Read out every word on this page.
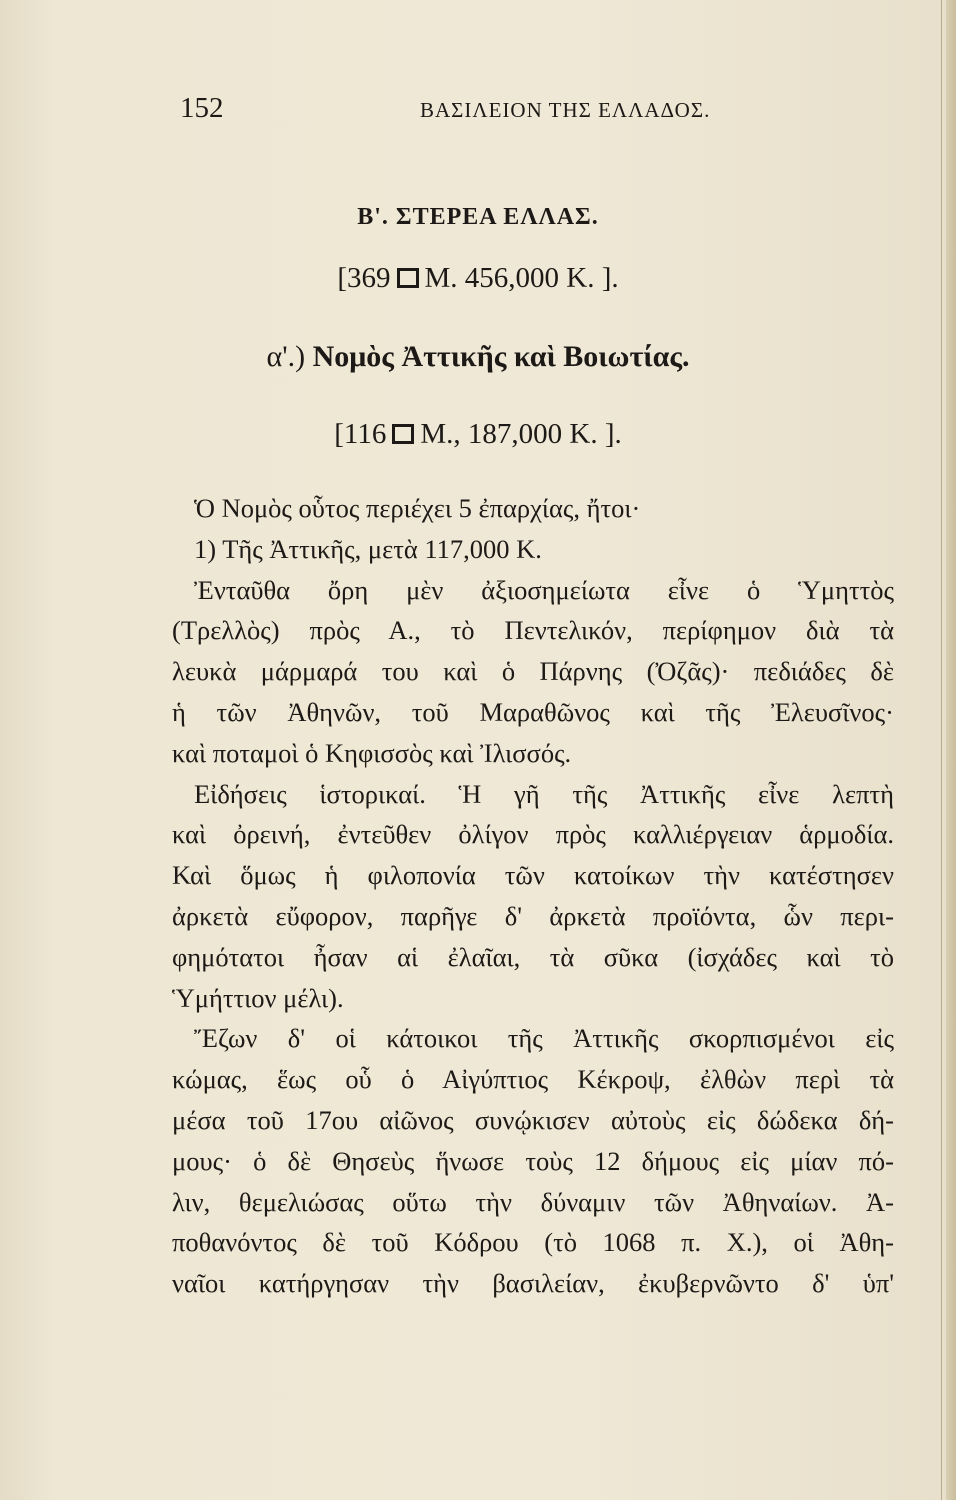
152	ΒΑΣΙΛΕΙΟΝ ΤΗΣ ΕΛΛΑΔΟΣ.
Β'. ΣΤΕΡΕΑ ΕΛΛΑΣ.
[369 Μ. 456,000 Κ. ].
α'.) Νομὸς Ἀττικῆς καὶ Βοιωτίας.
[116 Μ., 187,000 Κ. ].
Ὁ Νομὸς οὗτος περιέχει 5 ἐπαρχίας, ἤτοι·
1) Τῆς Ἀττικῆς, μετὰ 117,000 Κ.
Ἐνταῦθα ὄρη μὲν ἀξιοσημείωτα εἶνε ὁ Ὑμηττὸς
(Τρελλὸς) πρὸς Α., τὸ Πεντελικόν, περίφημον διὰ τὰ
λευκὰ μάρμαρά του καὶ ὁ Πάρνης (Ὀζᾶς)· πεδιάδες δὲ
ἡ τῶν Ἀθηνῶν, τοῦ Μαραθῶνος καὶ τῆς Ἐλευσῖνος·
καὶ ποταμοὶ ὁ Κηφισσὸς καὶ Ἰλισσός.
Εἰδήσεις ἱστορικαί. Ἡ γῆ τῆς Ἀττικῆς εἶνε λεπτὴ
καὶ ὀρεινή, ἐντεῦθεν ὀλίγον πρὸς καλλιέργειαν ἁρμοδία.
Καὶ ὅμως ἡ φιλοπονία τῶν κατοίκων τὴν κατέστησεν
ἀρκετὰ εὔφορον, παρῆγε δ' ἀρκετὰ προϊόντα, ὧν περι-
φημότατοι ἦσαν αἱ ἐλαῖαι, τὰ σῦκα (ἰσχάδες καὶ τὸ
Ὑμήττιον μέλι).
Ἔζων δ' οἱ κάτοικοι τῆς Ἀττικῆς σκορπισμένοι εἰς
κώμας, ἕως οὗ ὁ Αἰγύπτιος Κέκροψ, ἐλθὼν περὶ τὰ
μέσα τοῦ 17ου αἰῶνος συνῴκισεν αὐτοὺς εἰς δώδεκα δή-
μους· ὁ δὲ Θησεὺς ἥνωσε τοὺς 12 δήμους εἰς μίαν πό-
λιν, θεμελιώσας οὕτω τὴν δύναμιν τῶν Ἀθηναίων. Ἀ-
ποθανόντος δὲ τοῦ Κόδρου (τὸ 1068 π. Χ.), οἱ Ἀθη-
ναῖοι κατήργησαν τὴν βασιλείαν, ἐκυβερνῶντο δ' ὑπ'
